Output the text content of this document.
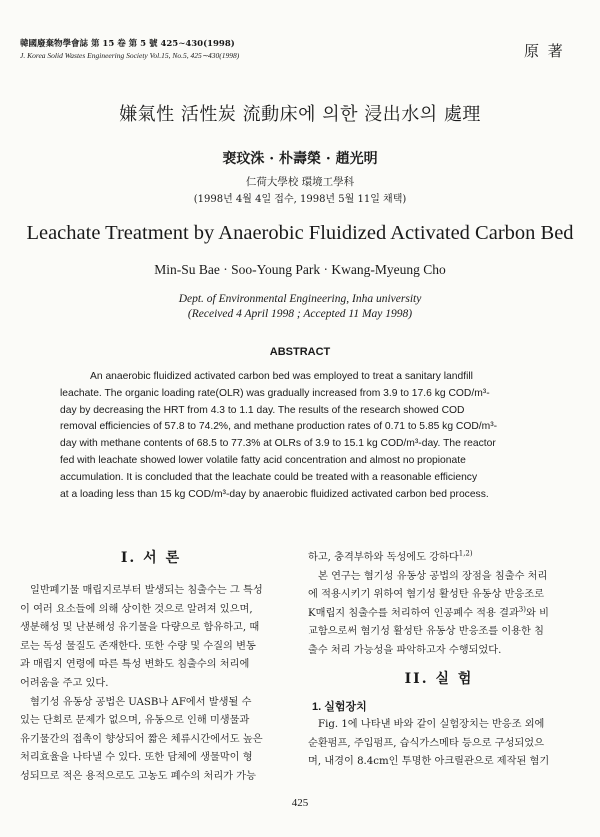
韓國廢棄物學會誌 第 15 卷 第 5 號 425∼430(1998)
J. Korea Solid Wastes Engineering Society Vol.15, No.5, 425∼430(1998)	原 著
嫌氣性 活性炭 流動床에 의한 浸出水의 處理
裵玟洙 · 朴壽榮 · 趙光明
仁荷大學校 環境工學科
(1998년 4월 4일 접수, 1998년 5월 11일 채택)
Leachate Treatment by Anaerobic Fluidized Activated Carbon Bed
Min-Su Bae · Soo-Young Park · Kwang-Myeung Cho
Dept. of Environmental Engineering, Inha university
(Received 4 April 1998 ; Accepted 11 May 1998)
ABSTRACT
An anaerobic fluidized activated carbon bed was employed to treat a sanitary landfill
leachate. The organic loading rate(OLR) was gradually increased from 3.9 to 17.6 kg COD/m³-
day by decreasing the HRT from 4.3 to 1.1 day. The results of the research showed COD
removal efficiencies of 57.8 to 74.2%, and methane production rates of 0.71 to 5.85 kg COD/m³-
day with methane contents of 68.5 to 77.3% at OLRs of 3.9 to 15.1 kg COD/m³-day. The reactor
fed with leachate showed lower volatile fatty acid concentration and almost no propionate
accumulation. It is concluded that the leachate could be treated with a reasonable efficiency
at a loading less than 15 kg COD/m³-day by anaerobic fluidized activated carbon bed process.
I. 서 론
일반폐기물 매립지로부터 발생되는 침출수는 그 특성
이 여러 요소들에 의해 상이한 것으로 알려져 있으며,
생분해성 및 난분해성 유기물을 다량으로 함유하고, 때
로는 독성 물질도 존재한다. 또한 수량 및 수질의 변동
과 매립지 연령에 따른 특성 변화도 침출수의 처리에
어려움을 주고 있다.
혐기성 유동상 공법은 UASB나 AF에서 발생될 수
있는 단회로 문제가 없으며, 유동으로 인해 미생물과
유기물간의 접촉이 향상되어 짧은 체류시간에서도 높은
처리효율을 나타낼 수 있다. 또한 담체에 생물막이 형
성되므로 적은 용적으로도 고농도 폐수의 처리가 가능
하고, 충격부하와 독성에도 강하다$^{1,2)}$
본 연구는 혐기성 유동상 공법의 장점을 침출수 처리
에 적용시키기 위하여 혐기성 활성탄 유동상 반응조로
K매립지 침출수를 처리하여 인공폐수 적용 결과$^{3)}$와 비
교함으로써 혐기성 활성탄 유동상 반응조를 이용한 침
출수 처리 가능성을 파악하고자 수행되었다.
II. 실 험
1. 실험장치
Fig. 1에 나타낸 바와 같이 실험장치는 반응조 외에
순환펌프, 주입펌프, 습식가스메타 등으로 구성되었으
며, 내경이 8.4cm인 투명한 아크릴관으로 제작된 혐기
425
